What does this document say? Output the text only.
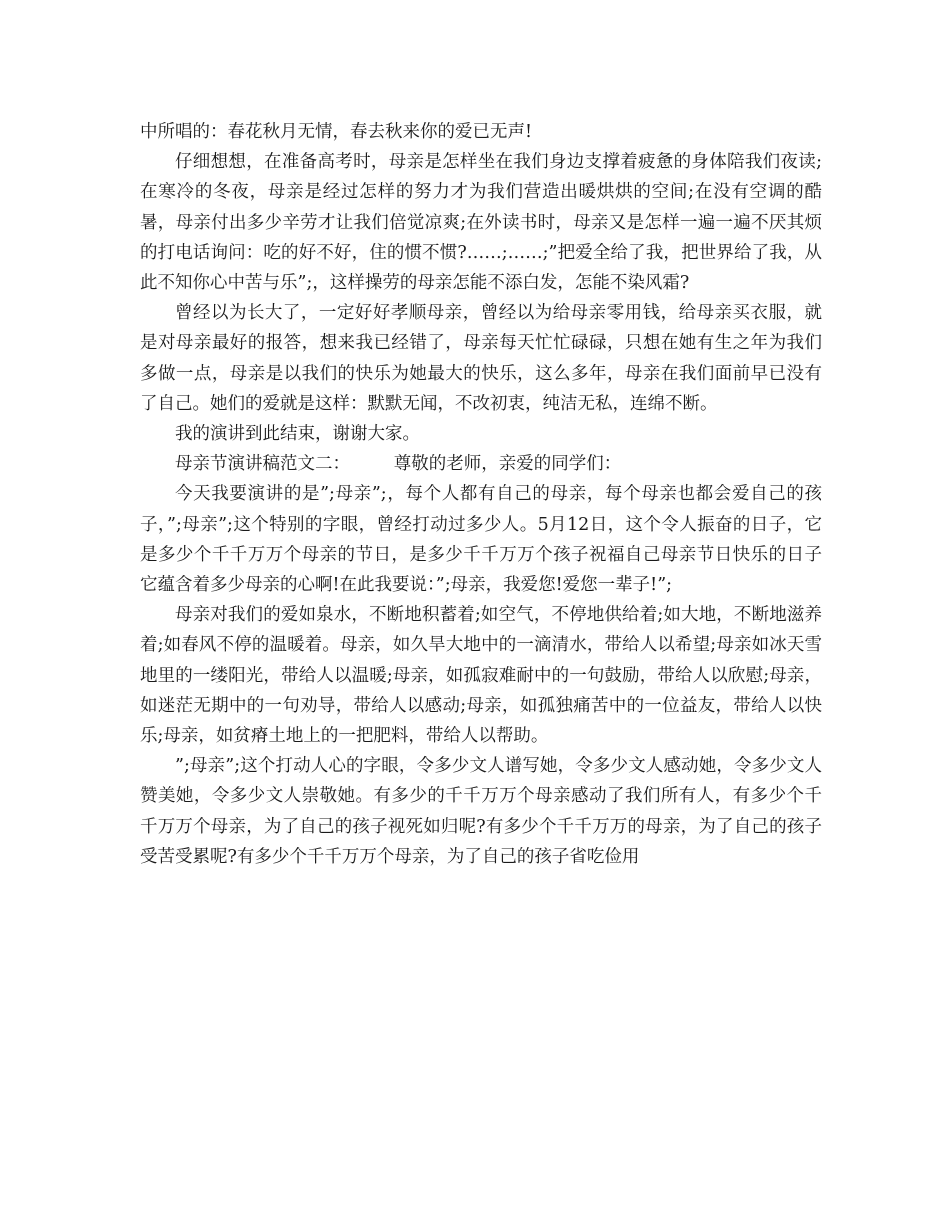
中所唱的：春花秋月无情，春去秋来你的爱已无声!

仔细想想，在准备高考时，母亲是怎样坐在我们身边支撑着疲惫的身体陪我们夜读;在寒冷的冬夜，母亲是经过怎样的努力才为我们营造出暖烘烘的空间;在没有空调的酷暑，母亲付出多少辛劳才让我们倍觉凉爽;在外读书时，母亲又是怎样一遍一遍不厌其烦的打电话询问：吃的好不好，住的惯不惯?……;……;”把爱全给了我，把世界给了我，从此不知你心中苦与乐”;，这样操劳的母亲怎能不添白发，怎能不染风霜?

曾经以为长大了，一定好好孝顺母亲，曾经以为给母亲零用钱，给母亲买衣服，就是对母亲最好的报答，想来我已经错了，母亲每天忙忙碌碌，只想在她有生之年为我们多做一点，母亲是以我们的快乐为她最大的快乐，这么多年，母亲在我们面前早已没有了自己。她们的爱就是这样：默默无闻，不改初衷，纯洁无私，连绵不断。

我的演讲到此结束，谢谢大家。

母亲节演讲稿范文二：	尊敬的老师，亲爱的同学们：

今天我要演讲的是”;母亲”;，每个人都有自己的母亲，每个母亲也都会爱自己的孩子，”;母亲”;这个特别的字眼，曾经打动过多少人。5月12日，这个令人振奋的日子，它是多少个千千万万个母亲的节日，是多少千千万万个孩子祝福自己母亲节日快乐的日子它蕴含着多少母亲的心啊!在此我要说：”;母亲，我爱您!爱您一辈子!”;

母亲对我们的爱如泉水，不断地积蓄着;如空气，不停地供给着;如大地，不断地滋养着;如春风不停的温暖着。母亲，如久旱大地中的一滴清水，带给人以希望;母亲如冰天雪地里的一缕阳光，带给人以温暖;母亲，如孤寂难耐中的一句鼓励，带给人以欣慰;母亲，如迷茫无期中的一句劝导，带给人以感动;母亲，如孤独痛苦中的一位益友，带给人以快乐;母亲，如贫瘠土地上的一把肥料，带给人以帮助。

”;母亲”;这个打动人心的字眼，令多少文人谱写她，令多少文人感动她，令多少文人赞美她，令多少文人崇敬她。有多少的千千万万个母亲感动了我们所有人，有多少个千千万万个母亲，为了自己的孩子视死如归呢?有多少个千千万万的母亲，为了自己的孩子受苦受累呢?有多少个千千万万个母亲，为了自己的孩子省吃俭用
